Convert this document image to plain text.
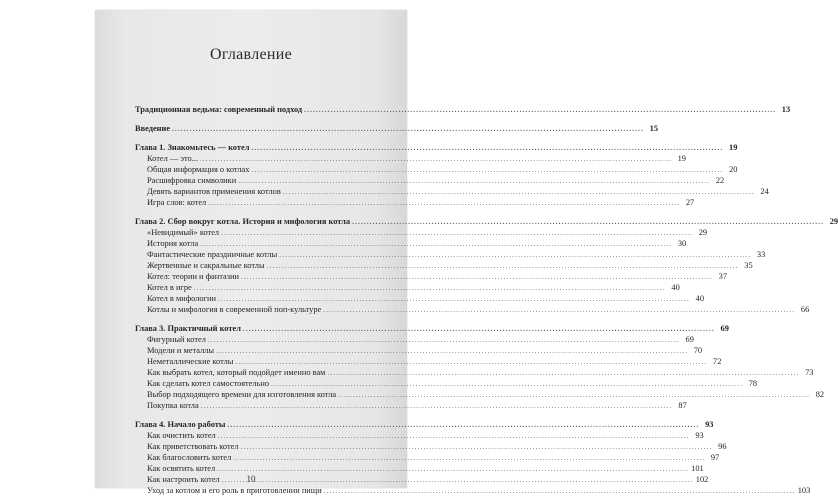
Оглавление
Традиционная ведьма: современный подход .....	13
Введение .....	15
Глава 1. Знакомьтесь — котел .....	19
Котел — это... .....	19
Общая информация о котлах .....	20
Расшифровка символики .....	22
Девять вариантов применения котлов .....	24
Игра слов: котел .....	27
Глава 2. Сбор вокруг котла. История и мифология котла .....	29
«Невидимый» котел .....	29
История котла .....	30
Фантастические праздничные котлы .....	33
Жертвенные и сакральные котлы .....	35
Котел: теории и фантазии .....	37
Котел в игре .....	40
Котел в мифологии .....	40
Котлы и мифология в современной поп-культуре .....	66
Глава 3. Практичный котел .....	69
Фигурный котел .....	69
Модели и металлы .....	70
Неметаллические котлы .....	72
Как выбрать котел, который подойдет именно вам .....	73
Как сделать котел самостоятельно .....	78
Выбор подходящего времени для изготовления котла .....	82
Покупка котла .....	87
Глава 4. Начало работы .....	93
Как очистить котел .....	93
Как приветствовать котел .....	96
Как благословить котел .....	97
Как освятить котел .....	101
Как настроить котел .....	102
Уход за котлом и его роль в приготовлении пищи .....	103
10
